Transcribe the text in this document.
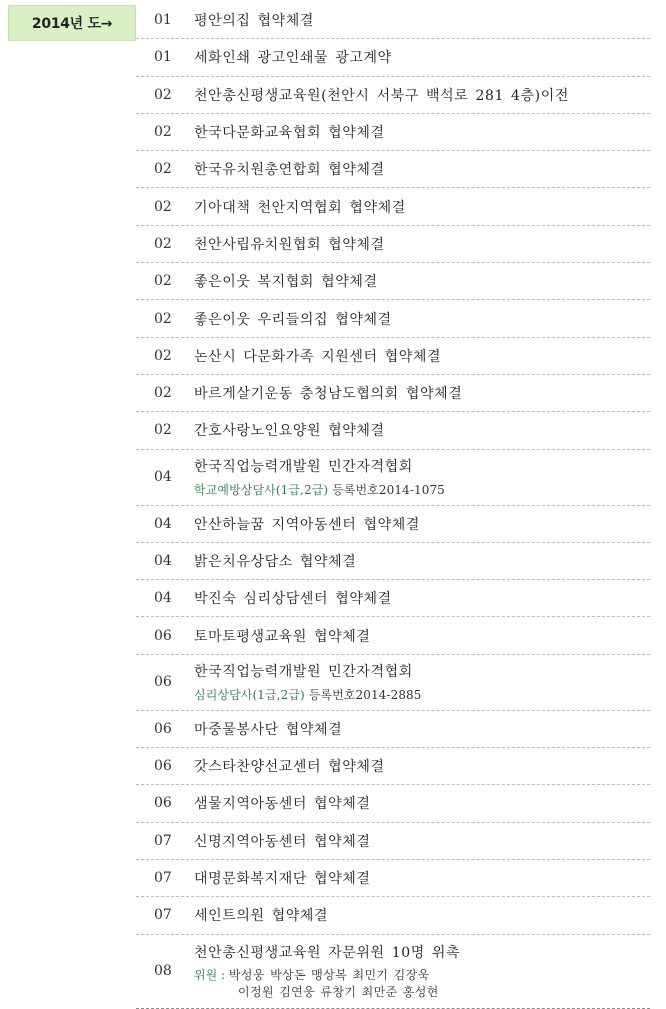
2014년 도→	01 평안의집 협약체결
01 세화인쇄 광고인쇄물 광고계약
02 천안총신평생교육원(천안시 서북구 백석로 281 4층)이전
02 한국다문화교육협회 협약체결
02 한국유치원총연합회 협약체결
02 기아대책 천안지역협회 협약체결
02 천안사립유치원협회 협약체결
02 좋은이웃 복지협회 협약체결
02 좋은이웃 우리들의집 협약체결
02 논산시 다문화가족 지원센터 협약체결
02 바르게살기운동 충청남도협의회 협약체결
02 간호사랑노인요양원 협약체결
04
한국직업능력개발원 민간자격협회
학교예방상담사(1급,2급) 등록번호2014-1075
04 안산하늘꿈 지역아동센터 협약체결
04 밝은치유상담소 협약체결
04 박진숙 심리상담센터 협약체결
06 토마토평생교육원 협약체결
06
한국직업능력개발원 민간자격협회
심리상담사(1급,2급) 등록번호2014-2885
06 마중물봉사단 협약체결
06 갓스타찬양선교센터 협약체결
06 샘물지역아동센터 협약체결
07 신명지역아동센터 협약체결
07 대명문화복지재단 협약체결
07 세인트의원 협약체결
08
천안총신평생교육원 자문위원 10명 위촉
위원 : 박성웅 박상돈 맹상복 최민기 김장욱
이정원 김연웅 류창기 최만준 홍성현
